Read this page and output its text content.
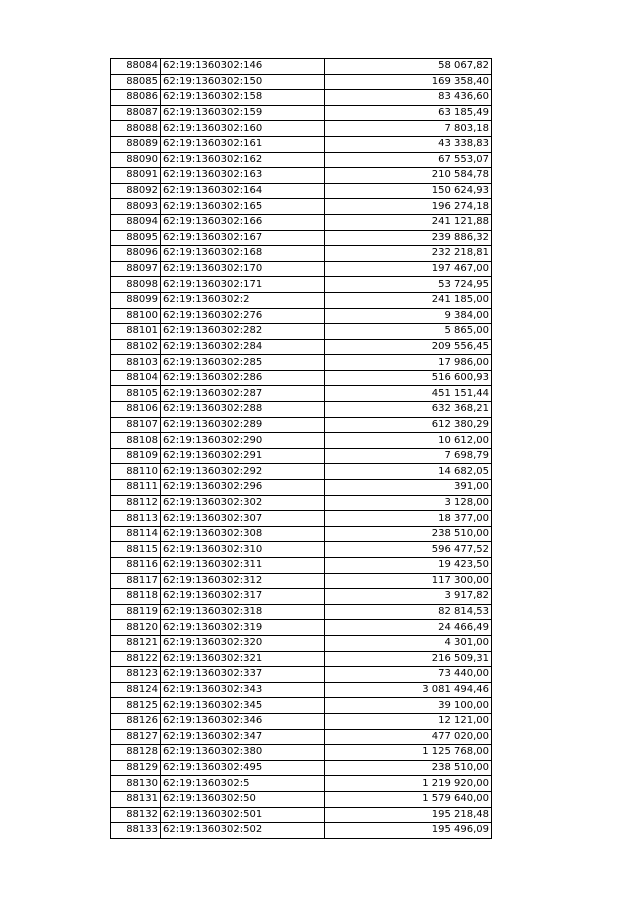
88084	62:19:1360302:146	58 067,82
88085	62:19:1360302:150	169 358,40
88086	62:19:1360302:158	83 436,60
88087	62:19:1360302:159	63 185,49
88088	62:19:1360302:160	7 803,18
88089	62:19:1360302:161	43 338,83
88090	62:19:1360302:162	67 553,07
88091	62:19:1360302:163	210 584,78
88092	62:19:1360302:164	150 624,93
88093	62:19:1360302:165	196 274,18
88094	62:19:1360302:166	241 121,88
88095	62:19:1360302:167	239 886,32
88096	62:19:1360302:168	232 218,81
88097	62:19:1360302:170	197 467,00
88098	62:19:1360302:171	53 724,95
88099	62:19:1360302:2	241 185,00
88100	62:19:1360302:276	9 384,00
88101	62:19:1360302:282	5 865,00
88102	62:19:1360302:284	209 556,45
88103	62:19:1360302:285	17 986,00
88104	62:19:1360302:286	516 600,93
88105	62:19:1360302:287	451 151,44
88106	62:19:1360302:288	632 368,21
88107	62:19:1360302:289	612 380,29
88108	62:19:1360302:290	10 612,00
88109	62:19:1360302:291	7 698,79
88110	62:19:1360302:292	14 682,05
88111	62:19:1360302:296	391,00
88112	62:19:1360302:302	3 128,00
88113	62:19:1360302:307	18 377,00
88114	62:19:1360302:308	238 510,00
88115	62:19:1360302:310	596 477,52
88116	62:19:1360302:311	19 423,50
88117	62:19:1360302:312	117 300,00
88118	62:19:1360302:317	3 917,82
88119	62:19:1360302:318	82 814,53
88120	62:19:1360302:319	24 466,49
88121	62:19:1360302:320	4 301,00
88122	62:19:1360302:321	216 509,31
88123	62:19:1360302:337	73 440,00
88124	62:19:1360302:343	3 081 494,46
88125	62:19:1360302:345	39 100,00
88126	62:19:1360302:346	12 121,00
88127	62:19:1360302:347	477 020,00
88128	62:19:1360302:380	1 125 768,00
88129	62:19:1360302:495	238 510,00
88130	62:19:1360302:5	1 219 920,00
88131	62:19:1360302:50	1 579 640,00
88132	62:19:1360302:501	195 218,48
88133	62:19:1360302:502	195 496,09
